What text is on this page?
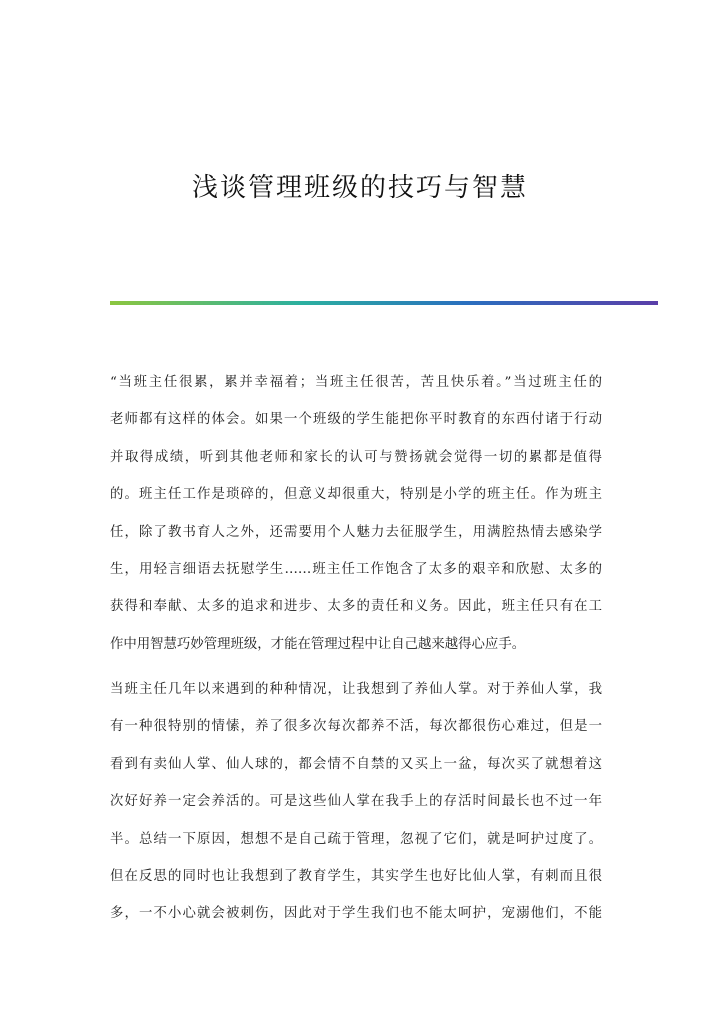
浅谈管理班级的技巧与智慧

“当班主任很累，累并幸福着；当班主任很苦，苦且快乐着。”当过班主任的
老师都有这样的体会。如果一个班级的学生能把你平时教育的东西付诸于行动
并取得成绩，听到其他老师和家长的认可与赞扬就会觉得一切的累都是值得
的。班主任工作是琐碎的，但意义却很重大，特别是小学的班主任。作为班主
任，除了教书育人之外，还需要用个人魅力去征服学生，用满腔热情去感染学
生，用轻言细语去抚慰学生……班主任工作饱含了太多的艰辛和欣慰、太多的
获得和奉献、太多的追求和进步、太多的责任和义务。因此，班主任只有在工
作中用智慧巧妙管理班级，才能在管理过程中让自己越来越得心应手。

当班主任几年以来遇到的种种情况，让我想到了养仙人掌。对于养仙人掌，我
有一种很特别的情愫，养了很多次每次都养不活，每次都很伤心难过，但是一
看到有卖仙人掌、仙人球的，都会情不自禁的又买上一盆，每次买了就想着这
次好好养一定会养活的。可是这些仙人掌在我手上的存活时间最长也不过一年
半。总结一下原因，想想不是自己疏于管理，忽视了它们，就是呵护过度了。
但在反思的同时也让我想到了教育学生，其实学生也好比仙人掌，有刺而且很
多，一不小心就会被刺伤，因此对于学生我们也不能太呵护，宠溺他们，不能
